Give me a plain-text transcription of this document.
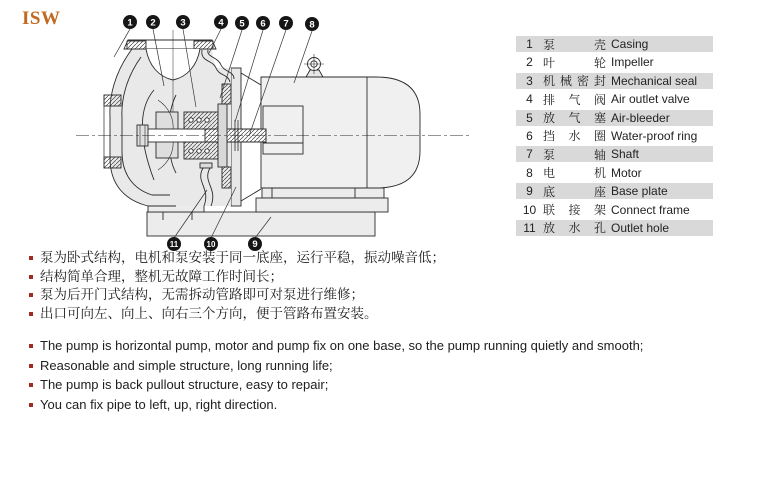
ISW	1 2	3	4 5 6 7 8
11	10	9
1 泵壳 Casing
2 叶轮 Impeller
3 机械密封 Mechanical seal
4 排气阀 Air outlet valve
5 放气塞 Air-bleeder
6 挡水圈 Water-proof ring
7 泵轴 Shaft
8 电机 Motor
9 底座 Base plate
10 联接架 Connect frame
11 放水孔 Outlet hole
泵为卧式结构，电机和泵安装于同一底座，运行平稳，振动噪音低；
结构简单合理，整机无故障工作时间长；
泵为后开门式结构，无需拆动管路即可对泵进行维修；
出口可向左、向上、向右三个方向，便于管路布置安装。
The pump is horizontal pump, motor and pump fix on one base, so the pump running quietly and smooth;
Reasonable and simple structure, long running life;
The pump is back pullout structure, easy to repair;
You can fix pipe to left, up, right direction.
